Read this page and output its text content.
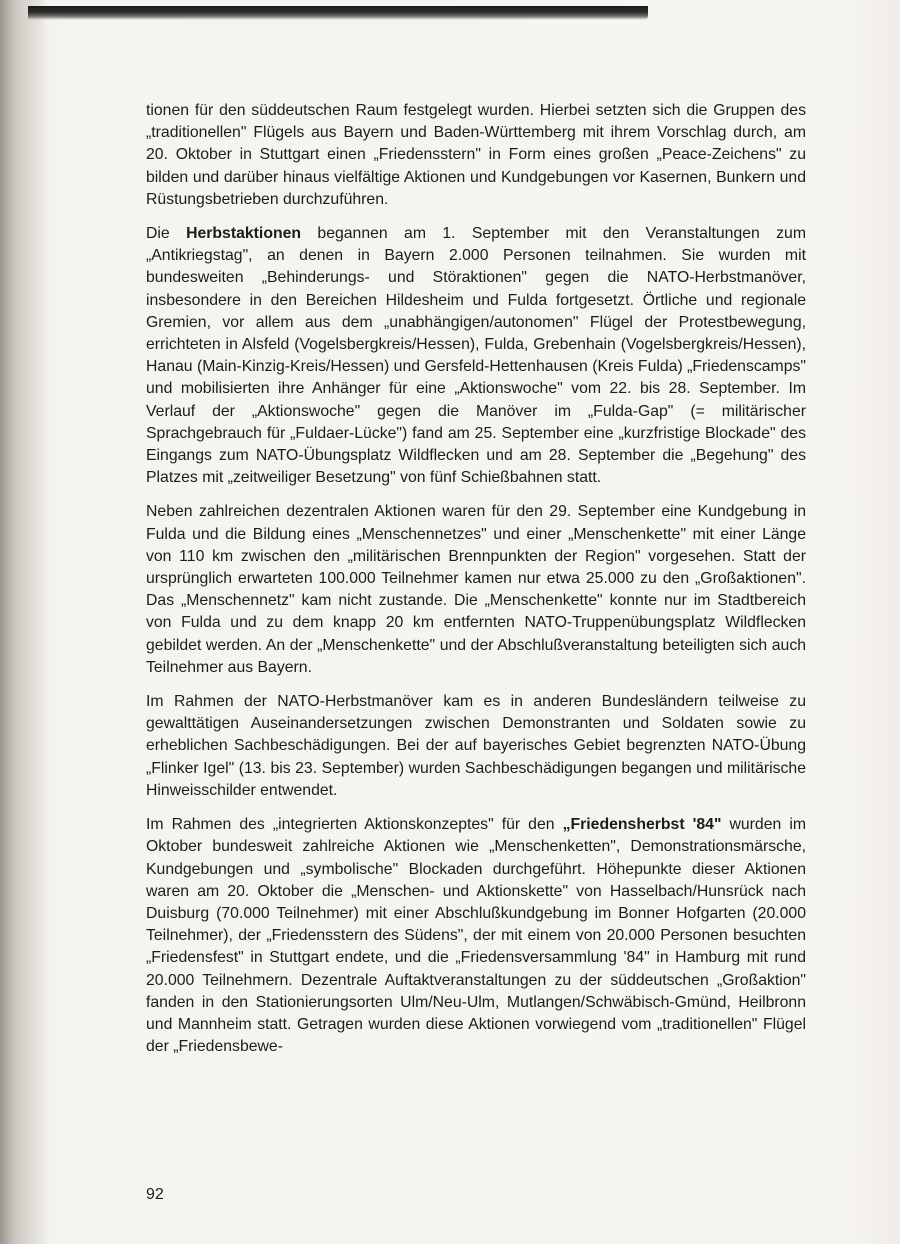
tionen für den süddeutschen Raum festgelegt wurden. Hierbei setzten sich die Gruppen des „traditionellen" Flügels aus Bayern und Baden-Württemberg mit ihrem Vorschlag durch, am 20. Oktober in Stuttgart einen „Friedensstern" in Form eines großen „Peace-Zeichens" zu bilden und darüber hinaus vielfältige Aktionen und Kundgebungen vor Kasernen, Bunkern und Rüstungsbetrieben durchzuführen.

Die Herbstaktionen begannen am 1. September mit den Veranstaltungen zum „Antikriegstag", an denen in Bayern 2.000 Personen teilnahmen. Sie wurden mit bundesweiten „Behinderungs- und Störaktionen" gegen die NATO-Herbstmanöver, insbesondere in den Bereichen Hildesheim und Fulda fortgesetzt. Örtliche und regionale Gremien, vor allem aus dem „unabhängigen/autonomen" Flügel der Protestbewegung, errichteten in Alsfeld (Vogelsbergkreis/Hessen), Fulda, Grebenhain (Vogelsbergkreis/Hessen), Hanau (Main-Kinzig-Kreis/Hessen) und Gersfeld-Hettenhausen (Kreis Fulda) „Friedenscamps" und mobilisierten ihre Anhänger für eine „Aktionswoche" vom 22. bis 28. September. Im Verlauf der „Aktionswoche" gegen die Manöver im „Fulda-Gap" (= militärischer Sprachgebrauch für „Fuldaer-Lücke") fand am 25. September eine „kurzfristige Blockade" des Eingangs zum NATO-Übungsplatz Wildflecken und am 28. September die „Begehung" des Platzes mit „zeitweiliger Besetzung" von fünf Schießbahnen statt.

Neben zahlreichen dezentralen Aktionen waren für den 29. September eine Kundgebung in Fulda und die Bildung eines „Menschennetzes" und einer „Menschenkette" mit einer Länge von 110 km zwischen den „militärischen Brennpunkten der Region" vorgesehen. Statt der ursprünglich erwarteten 100.000 Teilnehmer kamen nur etwa 25.000 zu den „Großaktionen". Das „Menschennetz" kam nicht zustande. Die „Menschenkette" konnte nur im Stadtbereich von Fulda und zu dem knapp 20 km entfernten NATO-Truppenübungsplatz Wildflecken gebildet werden. An der „Menschenkette" und der Abschlußveranstaltung beteiligten sich auch Teilnehmer aus Bayern.

Im Rahmen der NATO-Herbstmanöver kam es in anderen Bundesländern teilweise zu gewalttätigen Auseinandersetzungen zwischen Demonstranten und Soldaten sowie zu erheblichen Sachbeschädigungen. Bei der auf bayerisches Gebiet begrenzten NATO-Übung „Flinker Igel" (13. bis 23. September) wurden Sachbeschädigungen begangen und militärische Hinweisschilder entwendet.

Im Rahmen des „integrierten Aktionskonzeptes" für den „Friedensherbst '84" wurden im Oktober bundesweit zahlreiche Aktionen wie „Menschenketten", Demonstrationsmärsche, Kundgebungen und „symbolische" Blockaden durchgeführt. Höhepunkte dieser Aktionen waren am 20. Oktober die „Menschen- und Aktionskette" von Hasselbach/Hunsrück nach Duisburg (70.000 Teilnehmer) mit einer Abschlußkundgebung im Bonner Hofgarten (20.000 Teilnehmer), der „Friedensstern des Südens", der mit einem von 20.000 Personen besuchten „Friedensfest" in Stuttgart endete, und die „Friedensversammlung '84" in Hamburg mit rund 20.000 Teilnehmern. Dezentrale Auftaktveranstaltungen zu der süddeutschen „Großaktion" fanden in den Stationierungsorten Ulm/Neu-Ulm, Mutlangen/Schwäbisch-Gmünd, Heilbronn und Mannheim statt. Getragen wurden diese Aktionen vorwiegend vom „traditionellen" Flügel der „Friedensbewe-

92
